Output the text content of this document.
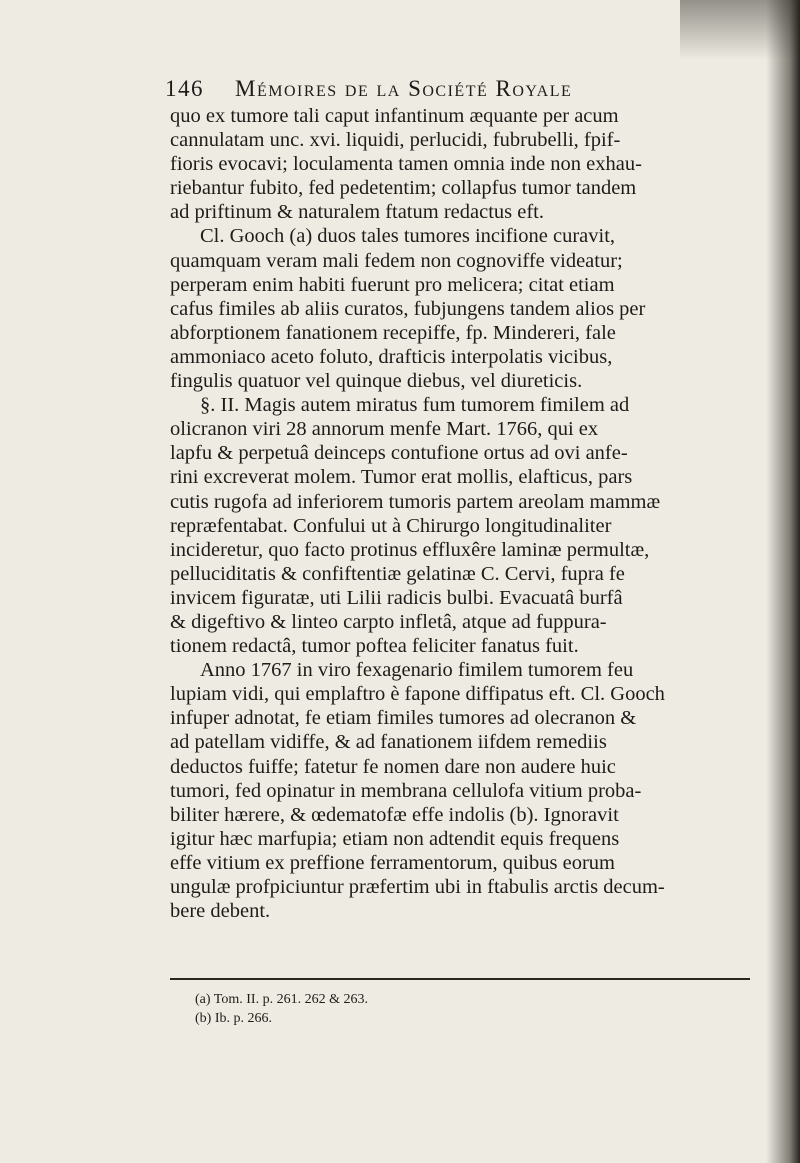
146 Mémoires de la Société Royale
quo ex tumore tali caput infantinum æquante per acum
cannulatam unc. xvi. liquidi, perlucidi, fubrubelli, fpif-
fioris evocavi; loculamenta tamen omnia inde non exhau-
riebantur fubito, fed pedetentim; collapfus tumor tandem
ad priftinum & naturalem ftatum redactus eft.
Cl. Gooch (a) duos tales tumores incifione curavit,
quamquam veram mali fedem non cognoviffe videatur;
perperam enim habiti fuerunt pro melicera; citat etiam
cafus fimiles ab aliis curatos, fubjungens tandem alios per
abforptionem fanationem recepiffe, fp. Mindereri, fale
ammoniaco aceto foluto, drafticis interpolatis vicibus,
fingulis quatuor vel quinque diebus, vel diureticis.
§. II. Magis autem miratus fum tumorem fimilem ad
olicranon viri 28 annorum menfe Mart. 1766, qui ex
lapfu & perpetuâ deinceps contufione ortus ad ovi anfe-
rini excreverat molem. Tumor erat mollis, elafticus, pars
cutis rugofa ad inferiorem tumoris partem areolam mammæ
repræfentabat. Confului ut à Chirurgo longitudinaliter
incideretur, quo facto protinus effluxêre laminæ permultæ,
pelluciditatis & confiftentiæ gelatinæ C. Cervi, fupra fe
invicem figuratæ, uti Lilii radicis bulbi. Evacuatâ burfâ
& digeftivo & linteo carpto infletâ, atque ad fuppura-
tionem redactâ, tumor poftea feliciter fanatus fuit.
Anno 1767 in viro fexagenario fimilem tumorem feu
lupiam vidi, qui emplaftro è fapone diffipatus eft. Cl. Gooch
infuper adnotat, fe etiam fimiles tumores ad olecranon &
ad patellam vidiffe, & ad fanationem iifdem remediis
deductos fuiffe; fatetur fe nomen dare non audere huic
tumori, fed opinatur in membrana cellulofa vitium proba-
biliter hærere, & œdematofæ effe indolis (b). Ignoravit
igitur hæc marfupia; etiam non adtendit equis frequens
effe vitium ex preffione ferramentorum, quibus eorum
ungulæ profpiciuntur præfertim ubi in ftabulis arctis decum-
bere debent.
(a) Tom. II. p. 261. 262 & 263.
(b) Ib. p. 266.
